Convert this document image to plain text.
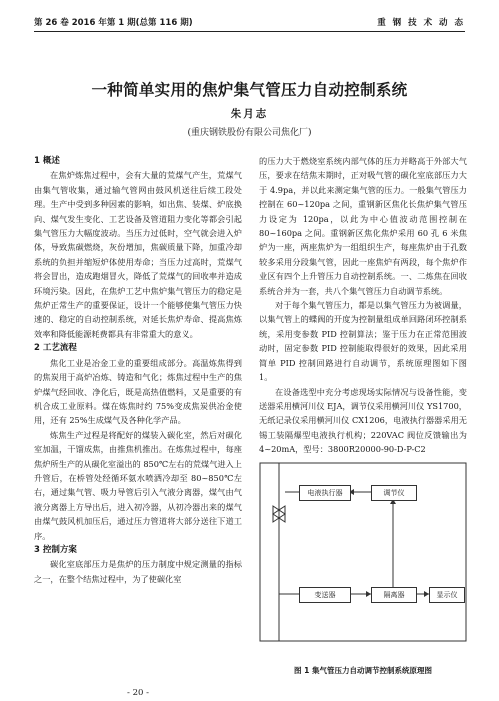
第 26 卷 2016 年第 1 期(总第 116 期)	重 钢 技 术 动 态
一种简单实用的焦炉集气管压力自动控制系统
朱月志
(重庆钢铁股份有限公司焦化厂)
1 概述

在焦炉炼焦过程中，会有大量的荒煤气产生，荒煤气由集气管收集，通过输气管网由鼓风机送往后续工段处理。生产中受到多种因素的影响，如出焦、装煤、炉底换向、煤气发生变化、工艺设备及管道阻力变化等都会引起集气管压力大幅度波动。当压力过低时，空气就会进入炉体，导致焦碳燃烧，灰份增加，焦碳质量下降，加重冷却系统的负担并缩短炉体使用寿命；当压力过高时，荒煤气将会冒出，造成跑烟冒火，降低了荒煤气的回收率并造成环境污染。因此，在焦炉工艺中焦炉集气管压力的稳定是焦炉正常生产的重要保证，设计一个能够使集气管压力快速的、稳定的自动控制系统，对延长焦炉寿命、提高焦炼效率和降低能源耗费都具有非常重大的意义。

2 工艺流程

焦化工业是冶金工业的重要组成部分。高温炼焦得到的焦炭用于高炉冶炼、铸造和气化；炼焦过程中生产的焦炉煤气经回收、净化后，既是高热值燃料，又是重要的有机合成工业原料。煤在炼焦时约 75%变成焦炭供冶金使用，还有 25%生成煤气及各种化学产品。

炼焦生产过程是将配好的煤装入碳化室，然后对碳化室加温，干馏成焦，由推焦机推出。在炼焦过程中，每座焦炉所生产的从碳化室溢出的 850℃左右的荒煤气进入上升管后，在桥管处经循环氨水喷洒冷却至 80~850℃左右，通过集气管、吸力导管后引入气液分离器，煤气由气液分离器上方导出后，进入初冷器，从初冷器出来的煤气由煤气鼓风机加压后，通过压力管道将大部分送往下道工序。

3 控制方案

碳化室底部压力是焦炉的压力制度中规定测量的指标之一，在整个结焦过程中，为了使碳化室

的压力大于燃烧室系统内部气体的压力并略高于外部大气压，要求在结焦末期时，正对吸气管的碳化室底部压力大于 4.9pa，并以此来测定集气管的压力。一般集气管压力控制在 60~120pa 之间，重钢新区焦化长焦炉集气管压力设定为 120pa，以此为中心值波动范围控制在 80~160pa 之间。重钢新区焦化焦炉采用 60 孔 6 米焦炉为一座，两座焦炉为一组组织生产，每座焦炉由于孔数较多采用分段集气管，因此一座焦炉有两段，每个焦炉作业区有四个上升管压力自动控制系统。一、二炼焦在回收系统合并为一套，共八个集气管压力自动调节系统。

对于每个集气管压力，都是以集气管压力为被调量，以集气管上的蝶阀的开度为控制量组成单回路闭环控制系统，采用变参数 PID 控制算法；鉴于压力在正常范围波动时，固定参数 PID 控制能取得很好的效果，因此采用简单 PID 控制回路进行自动调节，系统原理图如下图 1。

在设备选型中充分考虑现场实际情况与设备性能，变送器采用横河川仪 EJA，调节仪采用横河川仪 YS1700，无纸记录仪采用横河川仪 CX1206，电液执行器器采用无锡工装隔爆型电液执行机构；220VAC 阀位反馈输出为 4~20mA，型号：3800R20000-90-D-P-C2

电液执行器	调节仪
变送器	隔离器	显示仪
图 1 集气管压力自动调节控制系统原理图
- 20 -
